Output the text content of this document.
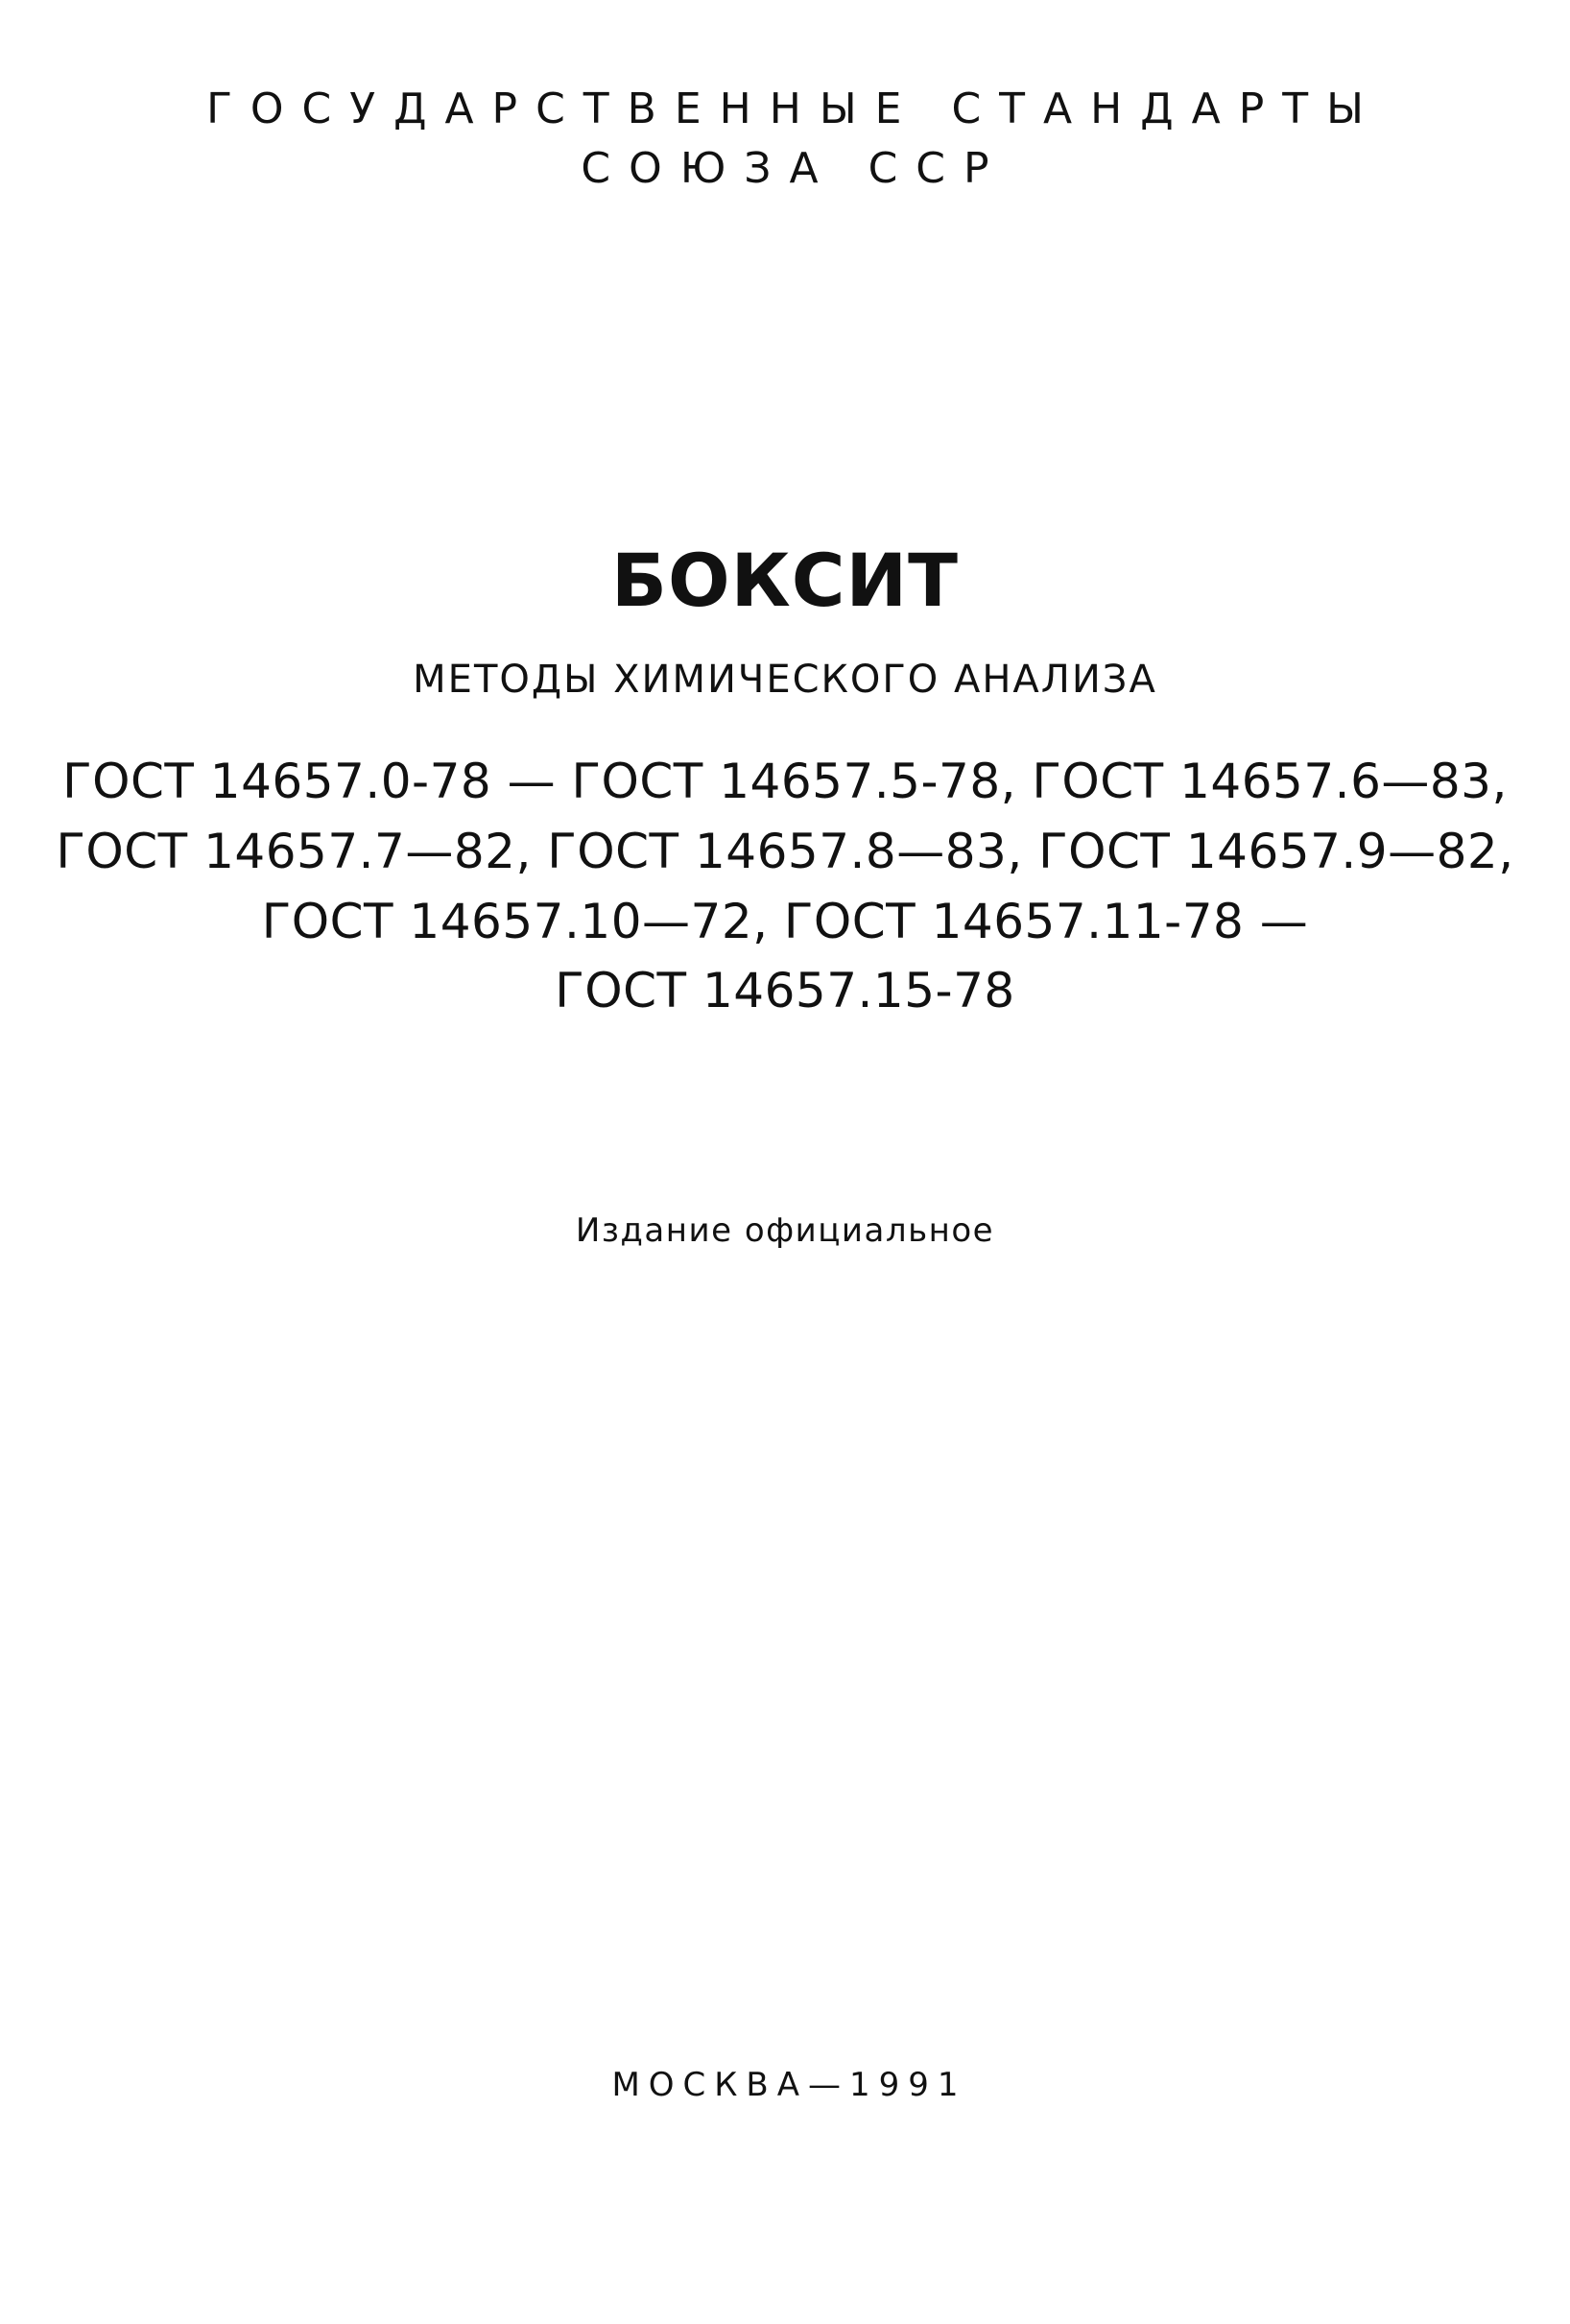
ГОСУДАРСТВЕННЫЕ СТАНДАРТЫ

СОЮЗА ССР

БОКСИТ

МЕТОДЫ ХИМИЧЕСКОГО АНАЛИЗА

ГОСТ 14657.0-78 — ГОСТ 14657.5-78, ГОСТ 14657.6—83,

ГОСТ 14657.7—82, ГОСТ 14657.8—83, ГОСТ 14657.9—82,

ГОСТ 14657.10—72, ГОСТ 14657.11-78 —

ГОСТ 14657.15-78

Издание официальное

МОСКВА—1991
